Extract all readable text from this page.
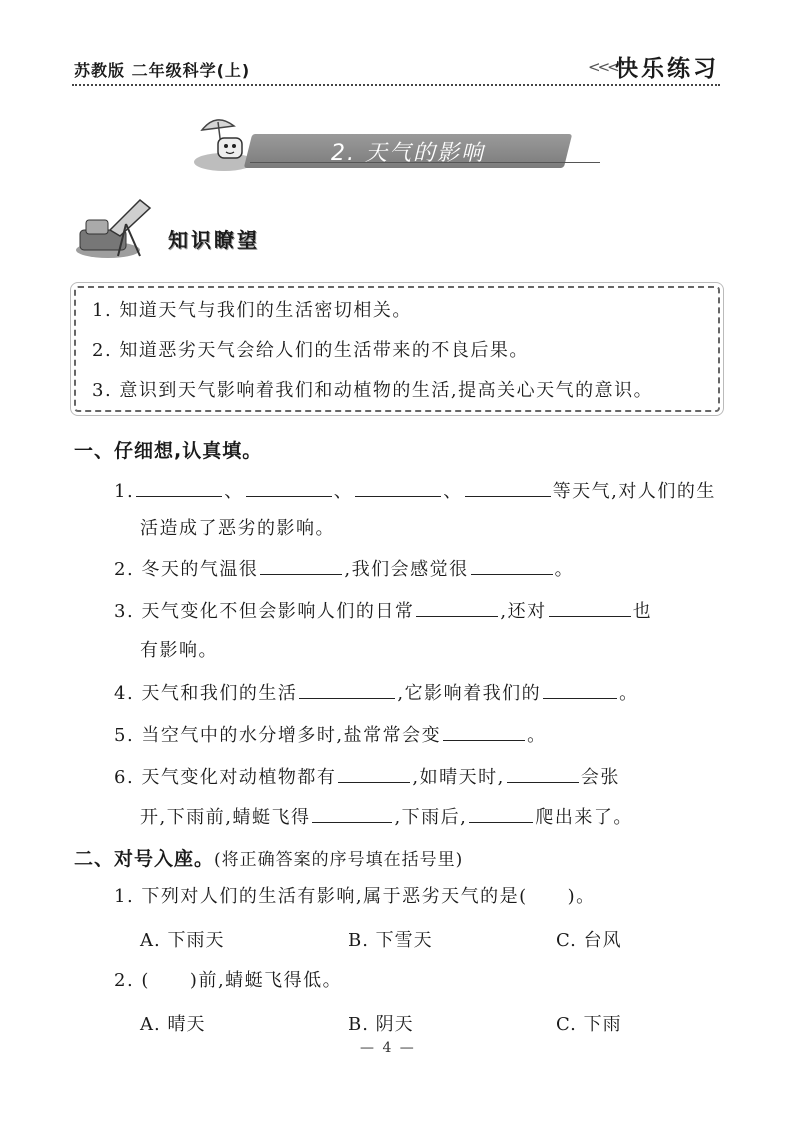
苏教版 二年级科学(上)	<<<
快乐练习
2. 天气的影响
知识瞭望
1. 知道天气与我们的生活密切相关。
2. 知道恶劣天气会给人们的生活带来的不良后果。
3. 意识到天气影响着我们和动植物的生活,提高关心天气的意识。
一、仔细想,认真填。
1.	、	、	、	等天气,对人们的生
活造成了恶劣的影响。
2. 冬天的气温很	,我们会感觉很	。
3. 天气变化不但会影响人们的日常	,还对	也
有影响。
4. 天气和我们的生活	,它影响着我们的	。
5. 当空气中的水分增多时,盐常常会变	。
6. 天气变化对动植物都有	,如晴天时,	会张
开,下雨前,蜻蜓飞得	,下雨后,	爬出来了。
二、对号入座。(将正确答案的序号填在括号里)
1. 下列对人们的生活有影响,属于恶劣天气的是( )。
A. 下雨天	B. 下雪天	C. 台风
2. ( )前,蜻蜓飞得低。
A. 晴天	B. 阴天	C. 下雨
— 4 —
